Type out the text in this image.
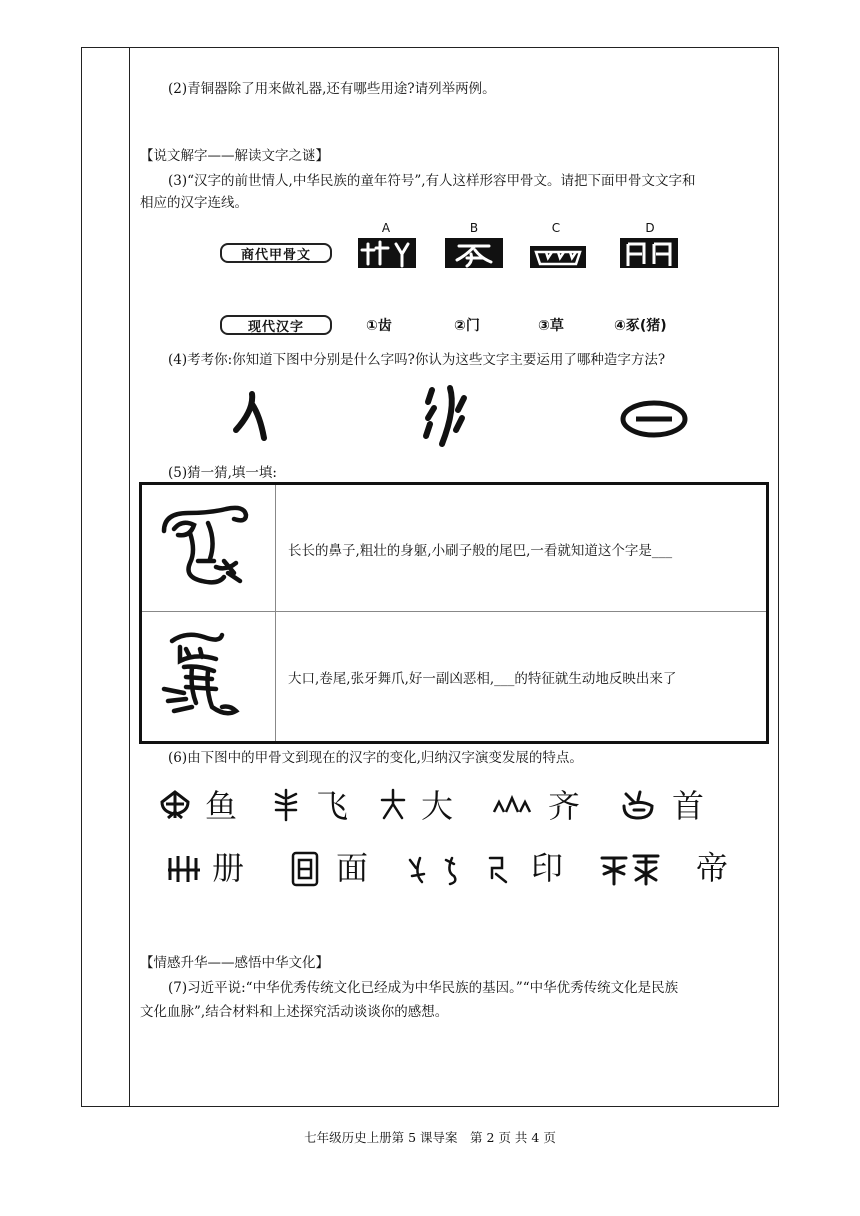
(2)青铜器除了用来做礼器,还有哪些用途?请列举两例。
【说文解字——解读文字之谜】
(3)“汉字的前世情人,中华民族的童年符号”,有人这样形容甲骨文。请把下面甲骨文文字和
相应的汉字连线。
商代甲骨文
A	B	C	D
现代汉字	①齿	②门	③草	④豖(猪)
(4)考考你:你知道下图中分别是什么字吗?你认为这些文字主要运用了哪种造字方法?
(5)猜一猜,填一填:
长长的鼻子,粗壮的身躯,小刷子般的尾巴,一看就知道这个字是___
大口,卷尾,张牙舞爪,好一副凶恶相,___的特征就生动地反映出来了
(6)由下图中的甲骨文到现在的汉字的变化,归纳汉字演变发展的特点。
鱼 飞 大	齐	首
册	面	印	帝
【情感升华——感悟中华文化】
(7)习近平说:“中华优秀传统文化已经成为中华民族的基因。”“中华优秀传统文化是民族
文化血脉”,结合材料和上述探究活动谈谈你的感想。
七年级历史上册第 5 课导案　第 2 页 共 4 页
